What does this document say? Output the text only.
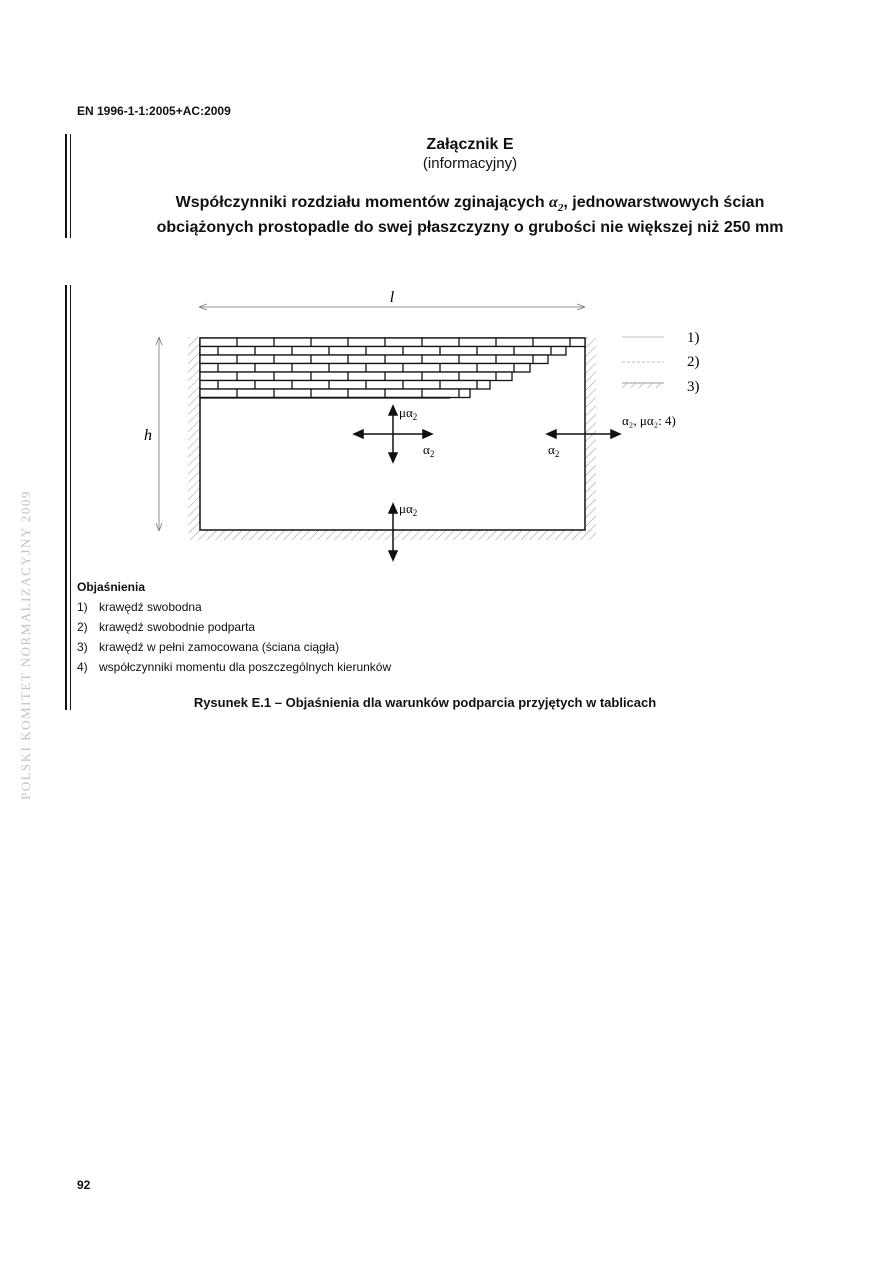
EN 1996-1-1:2005+AC:2009
Załącznik E
(informacyjny)
Współczynniki rozdziału momentów zginających $\alpha_2$, jednowarstwowych ścian
obciążonych prostopadle do swej płaszczyzny o grubości nie większej niż 250 mm
POLSKI KOMITET NORMALIZACYJNY 2009
l
h
$\mu\alpha_2$
$\alpha_2$	$\alpha_2$
$\mu\alpha_2$
1)
2)
3)
α₂, μα₂: 4)
Objaśnienia
1) krawędź swobodna
2) krawędź swobodnie podparta
3) krawędź w pełni zamocowana (ściana ciągła)
4) współczynniki momentu dla poszczególnych kierunków
Rysunek E.1 – Objaśnienia dla warunków podparcia przyjętych w tablicach
92
